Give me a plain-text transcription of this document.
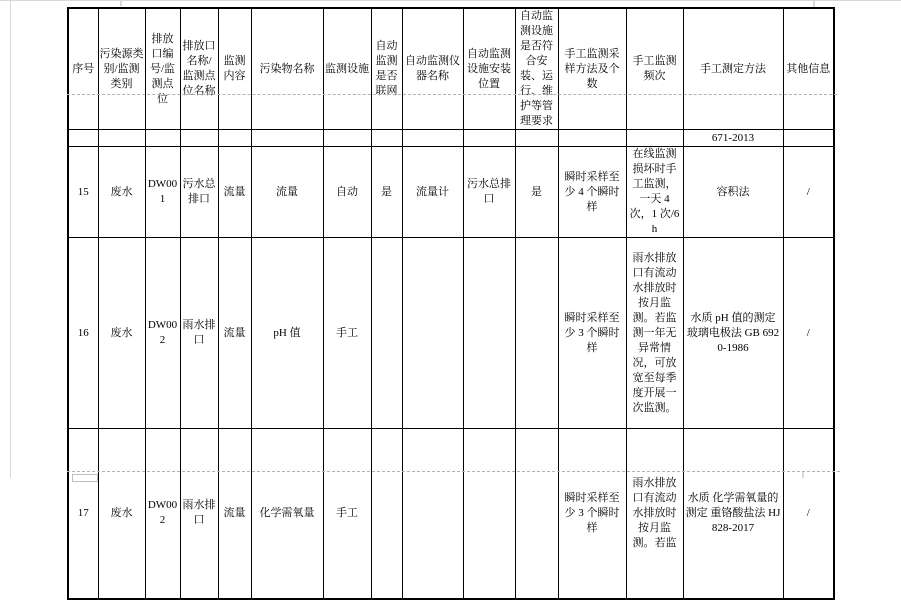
序号	污染源类别/监测类别	排放口编号/监测点位	排放口名称/监测点位名称	监测内容	污染物名称	监测设施	自动监测是否联网	自动监测仪器名称	自动监测设施安装位置	自动监测设施是否符合安装、运行、维护等管理要求	手工监测采样方法及个数	手工监测频次	手工测定方法	其他信息
													671-2013	
15	废水	DW001	污水总排口	流量	流量	自动	是	流量计	污水总排口	是	瞬时采样至少 4 个瞬时样	在线监测损坏时手工监测，一天 4 次，1 次/6h	容积法	/
16	废水	DW002	雨水排口	流量	pH 值	手工					瞬时采样至少 3 个瞬时样	雨水排放口有流动水排放时按月监测。若监测一年无异常情况，可放宽至每季度开展一次监测。	水质 pH 值的测定 玻璃电极法 GB 6920-1986	/
17	废水	DW002	雨水排口	流量	化学需氧量	手工					瞬时采样至少 3 个瞬时样	雨水排放口有流动水排放时按月监测。若监	水质 化学需氧量的测定 重铬酸盐法 HJ 828-2017	/
